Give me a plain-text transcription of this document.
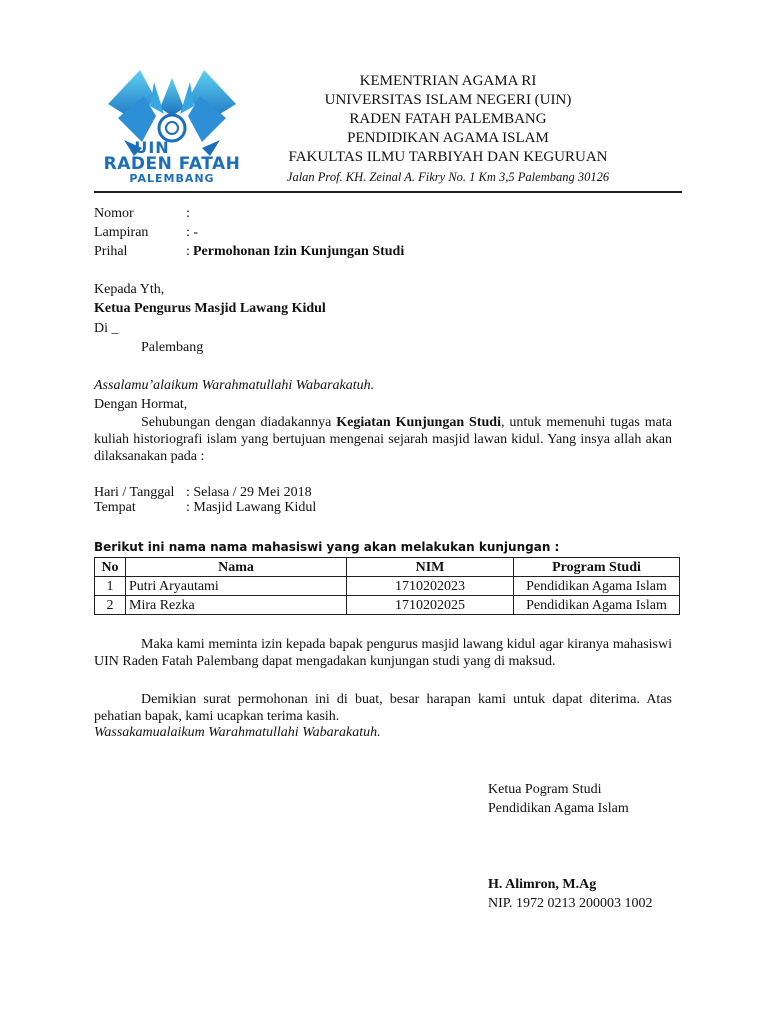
UIN
RADEN FATAH
PALEMBANG
KEMENTRIAN AGAMA RI
UNIVERSITAS ISLAM NEGERI (UIN)
RADEN FATAH PALEMBANG
PENDIDIKAN AGAMA ISLAM
FAKULTAS ILMU TARBIYAH DAN KEGURUAN
Jalan Prof. KH. Zeinal A. Fikry No. 1 Km 3,5 Palembang 30126
Nomor	:
Lampiran	: -
Prihal	: Permohonan Izin Kunjungan Studi
Kepada Yth,
Ketua Pengurus Masjid Lawang Kidul
Di _
Palembang
Assalamu’alaikum Warahmatullahi Wabarakatuh.
Dengan Hormat,
Sehubungan dengan diadakannya Kegiatan Kunjungan Studi, untuk memenuhi tugas mata kuliah historiografi islam yang bertujuan mengenai sejarah masjid lawan kidul. Yang insya allah akan dilaksanakan pada :
Hari / Tanggal : Selasa / 29 Mei 2018
Tempat	: Masjid Lawang Kidul
Berikut ini nama nama mahasiswi yang akan melakukan kunjungan :
No	Nama	NIM	Program Studi
1	Putri Aryautami	1710202023	Pendidikan Agama Islam
2	Mira Rezka	1710202025	Pendidikan Agama Islam
Maka kami meminta izin kepada bapak pengurus masjid lawang kidul agar kiranya mahasiswi UIN Raden Fatah Palembang dapat mengadakan kunjungan studi yang di maksud.
Demikian surat permohonan ini di buat, besar harapan kami untuk dapat diterima. Atas pehatian bapak, kami ucapkan terima kasih.
Wassakamualaikum Warahmatullahi Wabarakatuh.
Ketua Pogram Studi
Pendidikan Agama Islam
H. Alimron, M.Ag
NIP. 1972 0213 200003 1002
